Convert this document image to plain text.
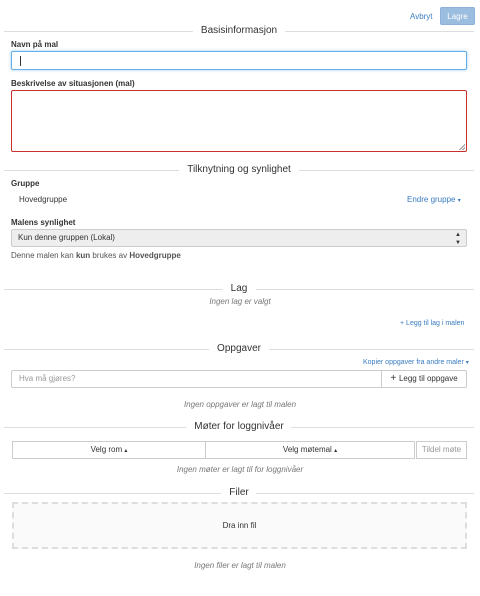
Avbryt	Lagre
Basisinformasjon
Navn på mal
Beskrivelse av situasjonen (mal)
Tilknytning og synlighet
Gruppe
Hovedgruppe	Endre gruppe ▾
Malens synlighet
Kun denne gruppen (Lokal)	▲
▼
Denne malen kan kun brukes av Hovedgruppe
Lag
Ingen lag er valgt
+ Legg til lag i malen
Oppgaver
Kopier oppgaver fra andre maler ▾
Hva må gjøres?	+ Legg til oppgave
Ingen oppgaver er lagt til malen
Møter for loggnivåer
Velg rom ▴	Velg møtemal ▴	Tildel møte
Ingen møter er lagt til for loggnivåer
Filer
Dra inn fil
Ingen filer er lagt til malen
